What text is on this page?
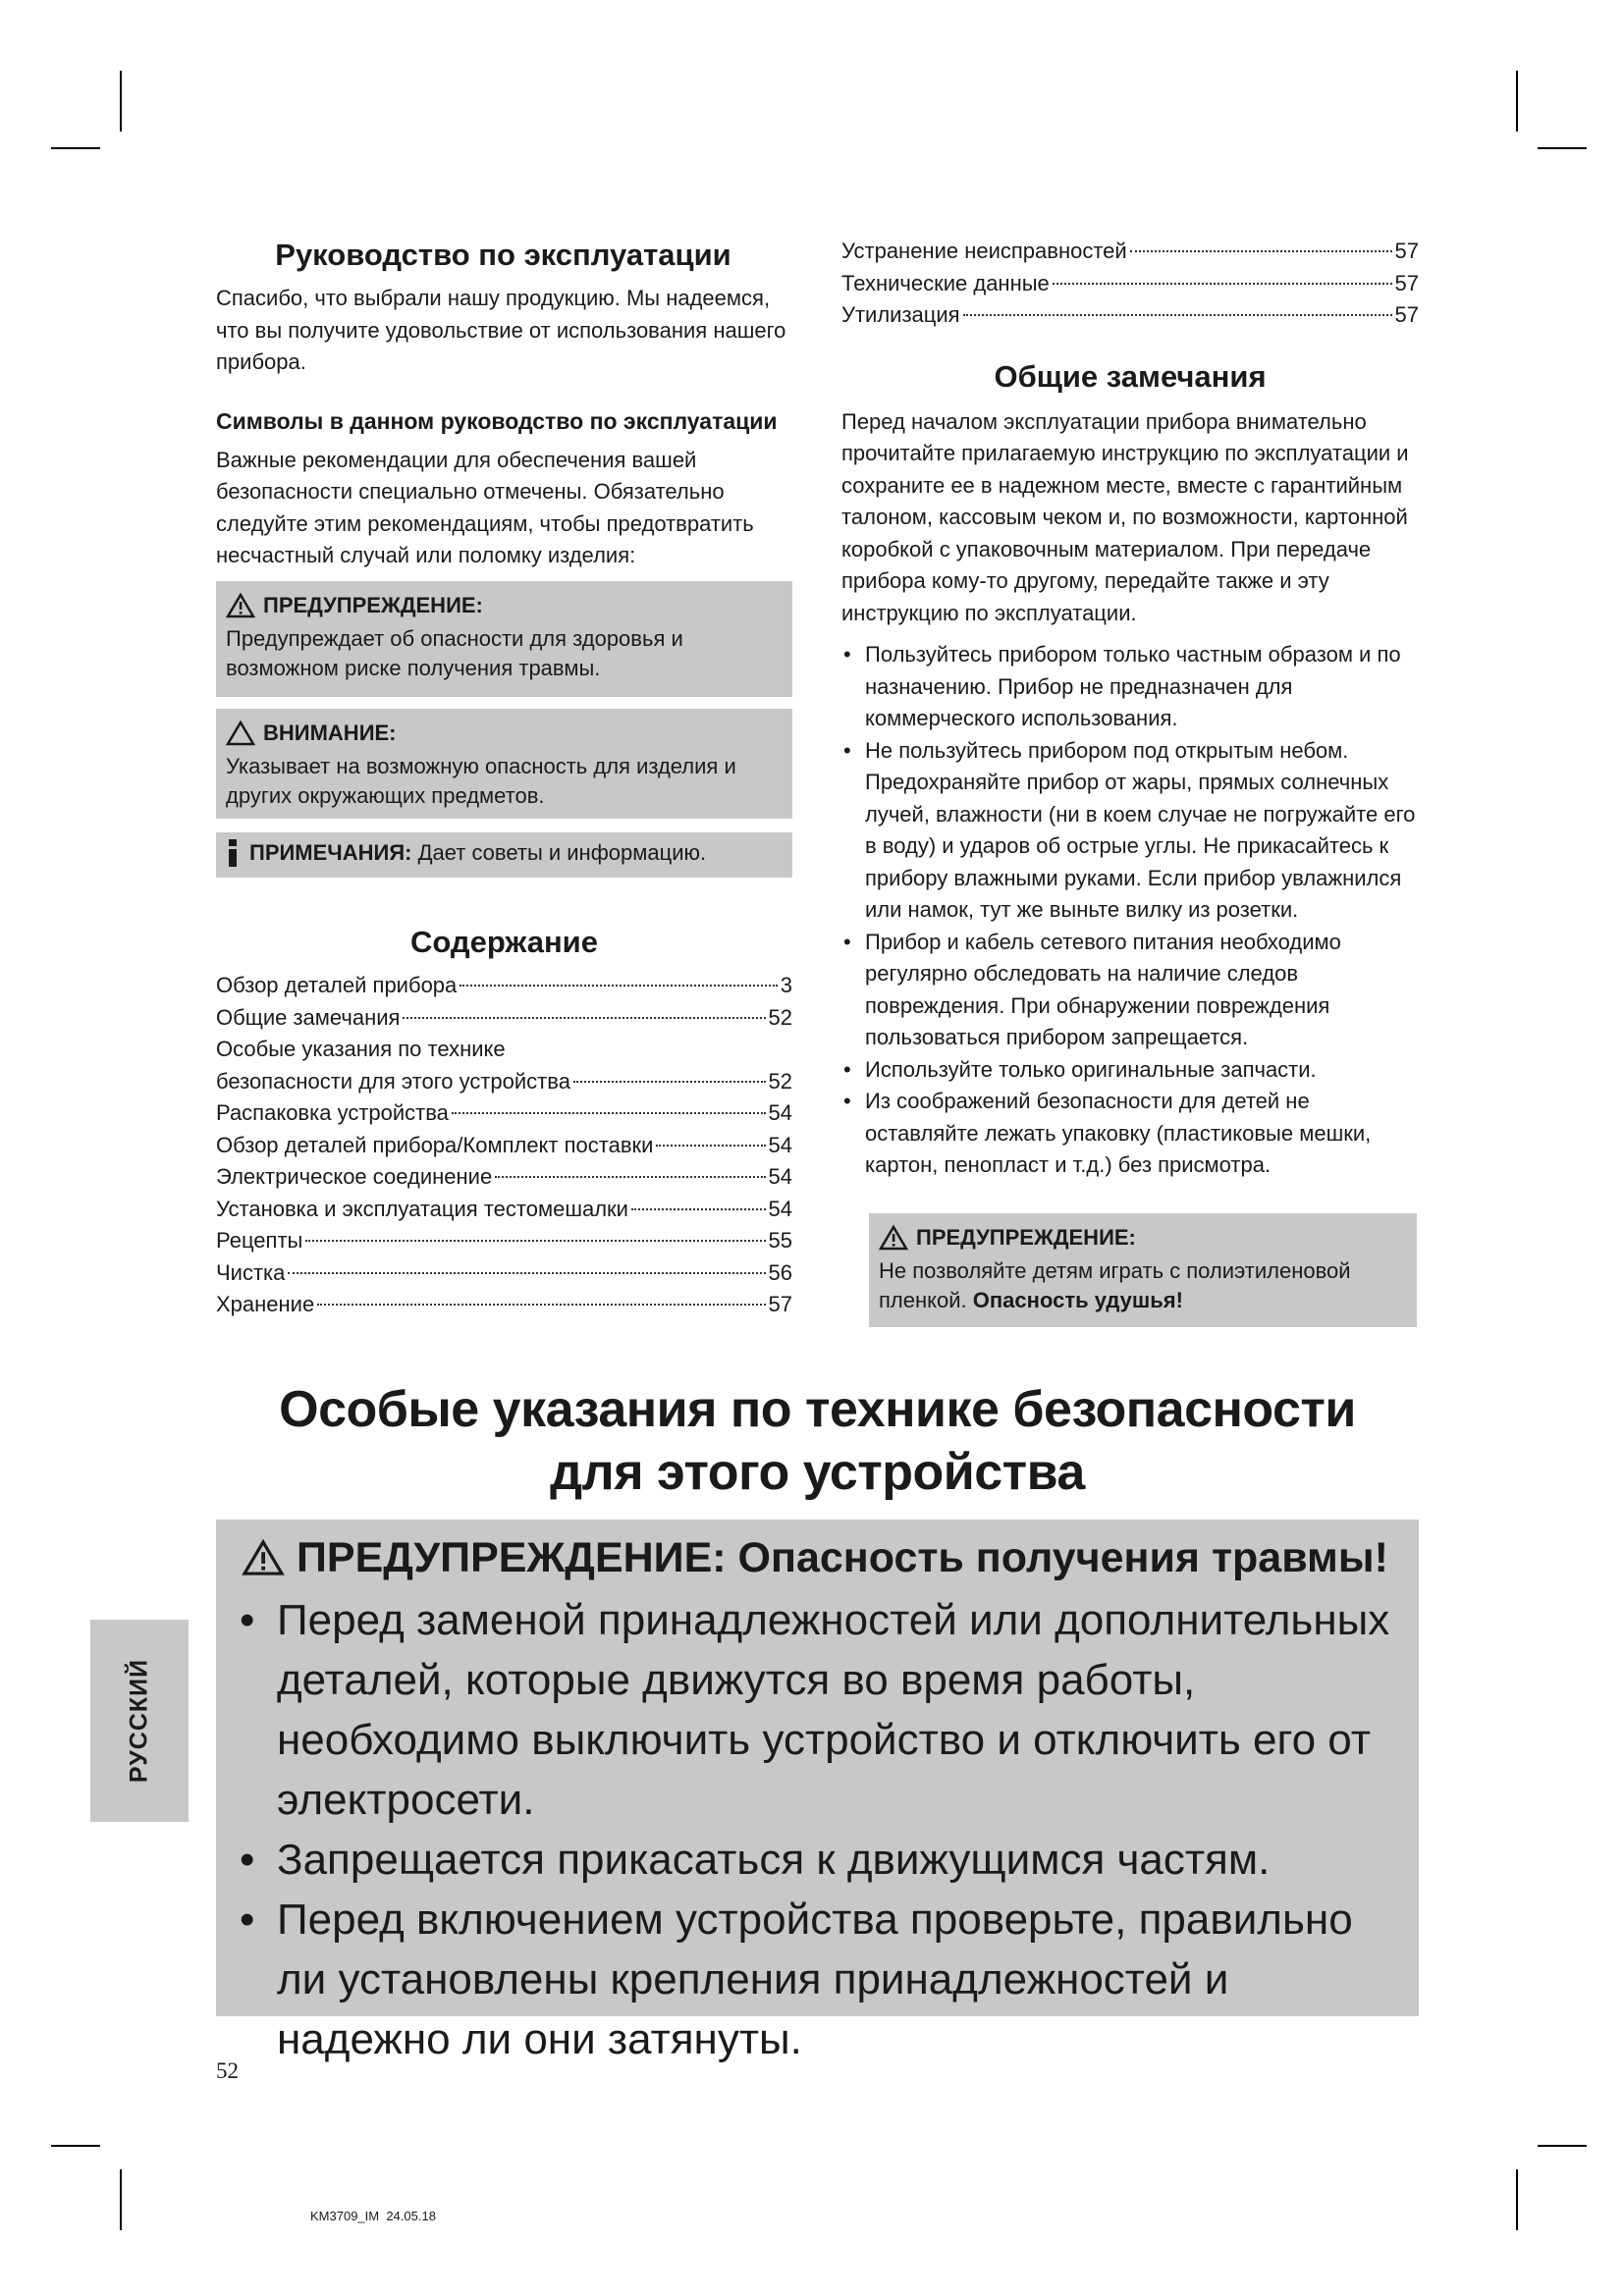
Руководство по эксплуатации

Спасибо, что выбрали нашу продукцию. Мы надеемся, что вы получите удовольствие от использования нашего прибора.

Символы в данном руководство по эксплуатации

Важные рекомендации для обеспечения вашей безопасности специально отмечены. Обязательно следуйте этим рекомендациям, чтобы предотвратить несчастный случай или поломку изделия:

ПРЕДУПРЕЖДЕНИЕ:
Предупреждает об опасности для здоровья и возможном риске получения травмы.
ВНИМАНИЕ:
Указывает на возможную опасность для изделия и других окружающих предметов.
ПРИМЕЧАНИЯ: Дает советы и информацию.
Содержание
Обзор деталей прибора	3
Общие замечания	52
Особые указания по технике
безопасности для этого устройства	52
Распаковка устройства	54
Обзор деталей прибора/Комплект поставки	54
Электрическое соединение	54
Установка и эксплуатация тестомешалки	54
Рецепты	55
Чистка	56
Хранение	57
Устранение неисправностей	57
Технические данные	57
Утилизация	57
Общие замечания

Перед началом эксплуатации прибора внимательно прочитайте прилагаемую инструкцию по эксплуатации и сохраните ее в надежном месте, вместе с гарантийным талоном, кассовым чеком и, по возможности, картонной коробкой с упаковочным материалом. При передаче прибора кому-то другому, передайте также и эту инструкцию по эксплуатации.

• Пользуйтесь прибором только частным образом и по назначению. Прибор не предназначен для коммерческого использования.
• Не пользуйтесь прибором под открытым небом. Предохраняйте прибор от жары, прямых солнечных лучей, влажности (ни в коем случае не погружайте его в воду) и ударов об острые углы. Не прикасайтесь к прибору влажными руками. Если прибор увлажнился или намок, тут же выньте вилку из розетки.
• Прибор и кабель сетевого питания необходимо регулярно обследовать на наличие следов повреждения. При обнаружении повреждения пользоваться прибором запрещается.
• Используйте только оригинальные запчасти.
• Из соображений безопасности для детей не оставляйте лежать упаковку (пластиковые мешки, картон, пенопласт и т.д.) без присмотра.
ПРЕДУПРЕЖДЕНИЕ:
Не позволяйте детям играть с полиэтиленовой пленкой. Опасность удушья!

Особые указания по технике безопасности

для этого устройства

ПРЕДУПРЕЖДЕНИЕ: Опасность получения травмы!
• Перед заменой принадлежностей или дополнительных деталей, которые движутся во время работы, необходимо выключить устройство и отключить его от электросети.
• Запрещается прикасаться к движущимся частям.
• Перед включением устройства проверьте, правильно ли установлены крепления принадлежностей и надежно ли они затянуты.
РУССКИЙ
52
KM3709_IM  24.05.18
